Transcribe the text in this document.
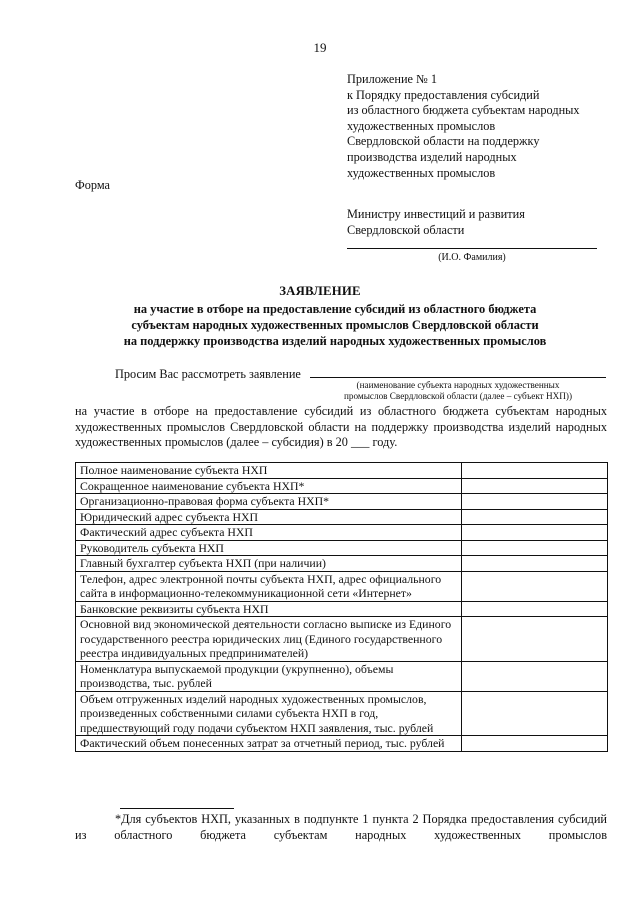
19
Приложение № 1
к Порядку предоставления субсидий
из областного бюджета субъектам народных
художественных промыслов
Свердловской области на поддержку
производства изделий народных
художественных промыслов
Форма
Министру инвестиций и развития
Свердловской области
(И.О. Фамилия)
ЗАЯВЛЕНИЕ
на участие в отборе на предоставление субсидий из областного бюджета
субъектам народных художественных промыслов Свердловской области
на поддержку производства изделий народных художественных промыслов
Просим Вас рассмотреть заявление
(наименование субъекта народных художественных
промыслов Свердловской области (далее – субъект НХП))
на участие в отборе на предоставление субсидий из областного бюджета субъектам народных художественных промыслов Свердловской области на поддержку производства изделий народных художественных промыслов (далее – субсидия) в 20 ___ году.
Полное наименование субъекта НХП	
Сокращенное наименование субъекта НХП*	
Организационно-правовая форма субъекта НХП*	
Юридический адрес субъекта НХП	
Фактический адрес субъекта НХП	
Руководитель субъекта НХП	
Главный бухгалтер субъекта НХП (при наличии)	
Телефон, адрес электронной почты субъекта НХП, адрес официального сайта в информационно-телекоммуникационной сети «Интернет»	
Банковские реквизиты субъекта НХП	
Основной вид экономической деятельности согласно выписке из Единого государственного реестра юридических лиц (Единого государственного реестра индивидуальных предпринимателей)	
Номенклатура выпускаемой продукции (укрупненно), объемы производства, тыс. рублей	
Объем отгруженных изделий народных художественных промыслов, произведенных собственными силами субъекта НХП в год, предшествующий году подачи субъектом НХП заявления, тыс. рублей	
Фактический объем понесенных затрат за отчетный период, тыс. рублей	
*Для субъектов НХП, указанных в подпункте 1 пункта 2 Порядка предоставления субсидий из областного бюджета субъектам народных художественных промыслов
